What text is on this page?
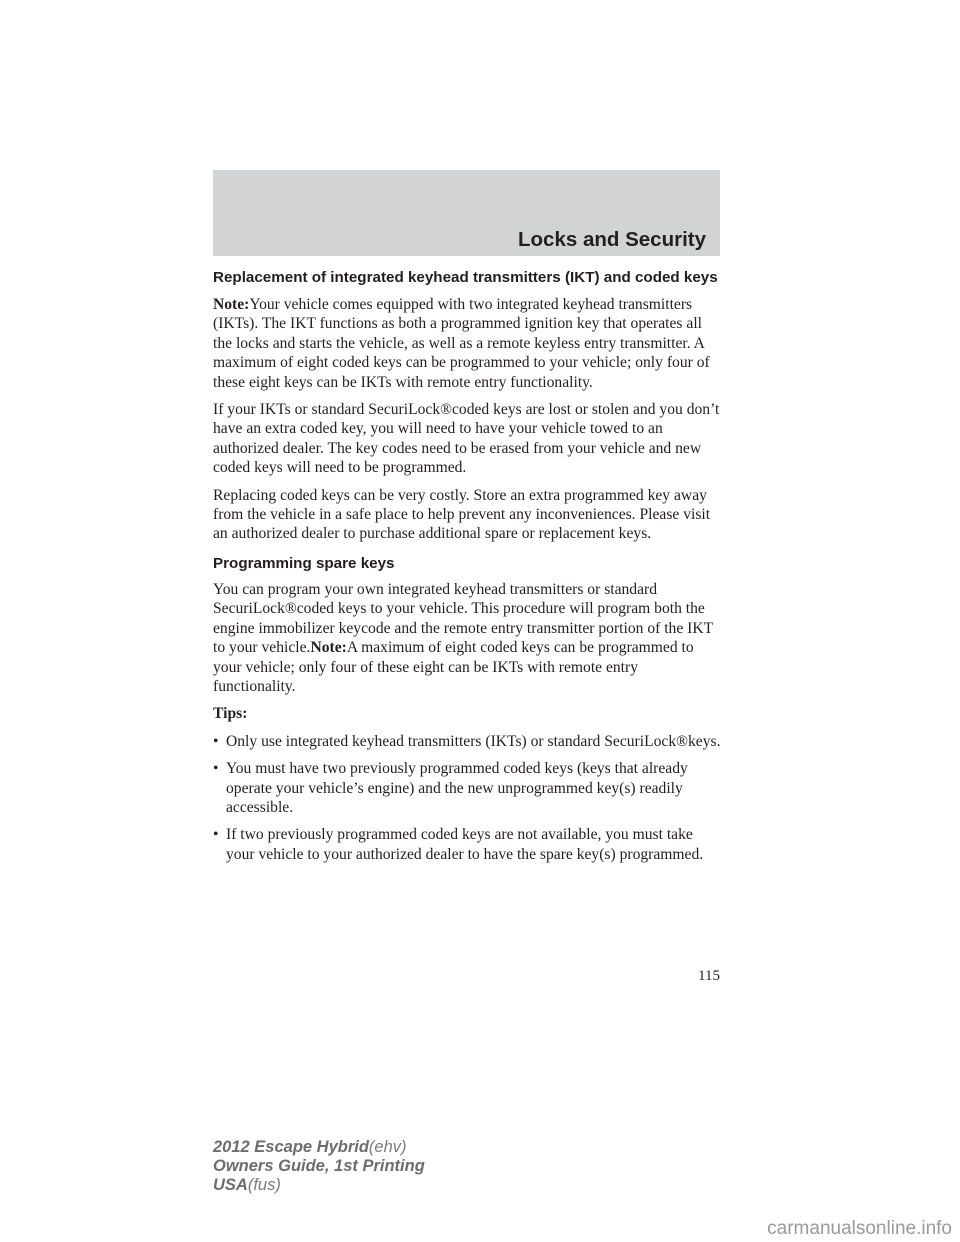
Locks and Security
Replacement of integrated keyhead transmitters (IKT) and coded keys

Note:Your vehicle comes equipped with two integrated keyhead transmitters (IKTs). The IKT functions as both a programmed ignition key that operates all the locks and starts the vehicle, as well as a remote keyless entry transmitter. A maximum of eight coded keys can be programmed to your vehicle; only four of these eight keys can be IKTs with remote entry functionality.

If your IKTs or standard SecuriLock®coded keys are lost or stolen and you don’t have an extra coded key, you will need to have your vehicle towed to an authorized dealer. The key codes need to be erased from your vehicle and new coded keys will need to be programmed.

Replacing coded keys can be very costly. Store an extra programmed key away from the vehicle in a safe place to help prevent any inconveniences. Please visit an authorized dealer to purchase additional spare or replacement keys.

Programming spare keys

You can program your own integrated keyhead transmitters or standard SecuriLock®coded keys to your vehicle. This procedure will program both the engine immobilizer keycode and the remote entry transmitter portion of the IKT to your vehicle.Note:A maximum of eight coded keys can be programmed to your vehicle; only four of these eight can be IKTs with remote entry functionality.

Tips:

• Only use integrated keyhead transmitters (IKTs) or standard SecuriLock®keys.
• You must have two previously programmed coded keys (keys that already operate your vehicle’s engine) and the new unprogrammed key(s) readily accessible.
• If two previously programmed coded keys are not available, you must take your vehicle to your authorized dealer to have the spare key(s) programmed.
115
2012 Escape Hybrid(ehv)
Owners Guide, 1st Printing
USA(fus)
carmanualsonline.info
